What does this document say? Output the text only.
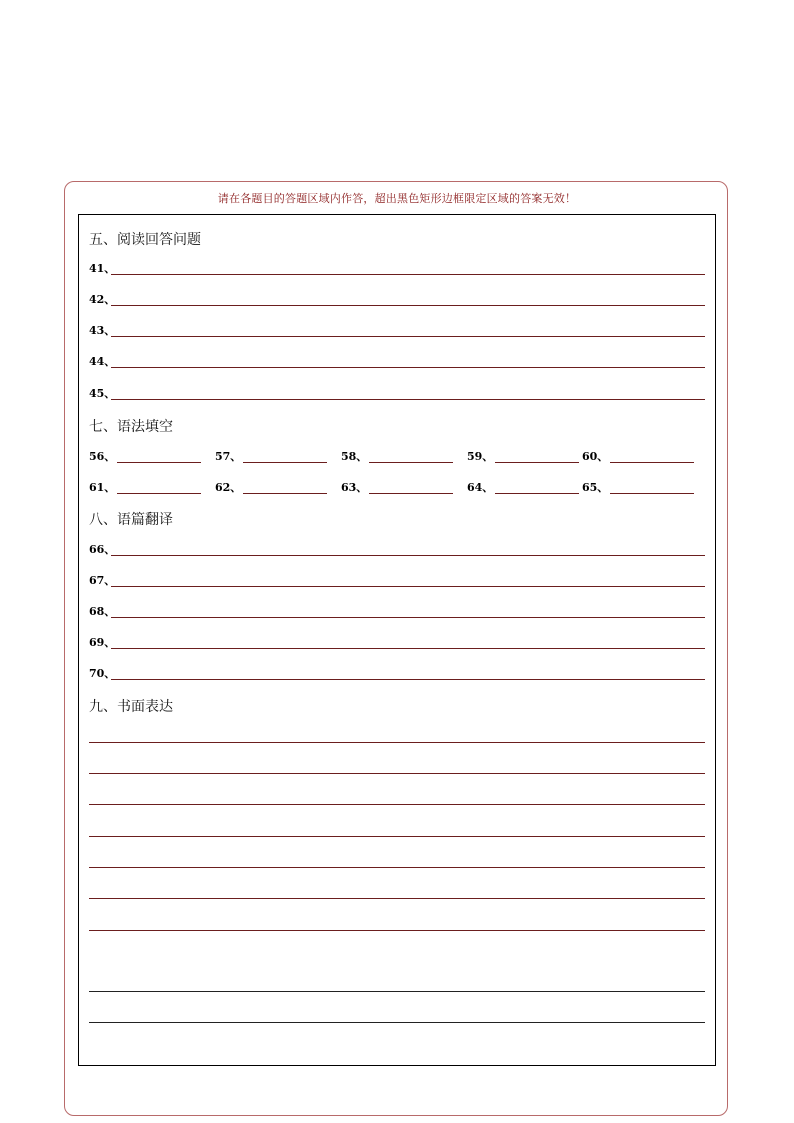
请在各题目的答题区域内作答，超出黑色矩形边框限定区域的答案无效！
五、阅读回答问题
41、
42、
43、
44、
45、
七、语法填空
56、	57、	58、	59、	60、
61、	62、	63、	64、	65、
八、语篇翻译
66、
67、
68、
69、
70、
九、书面表达
